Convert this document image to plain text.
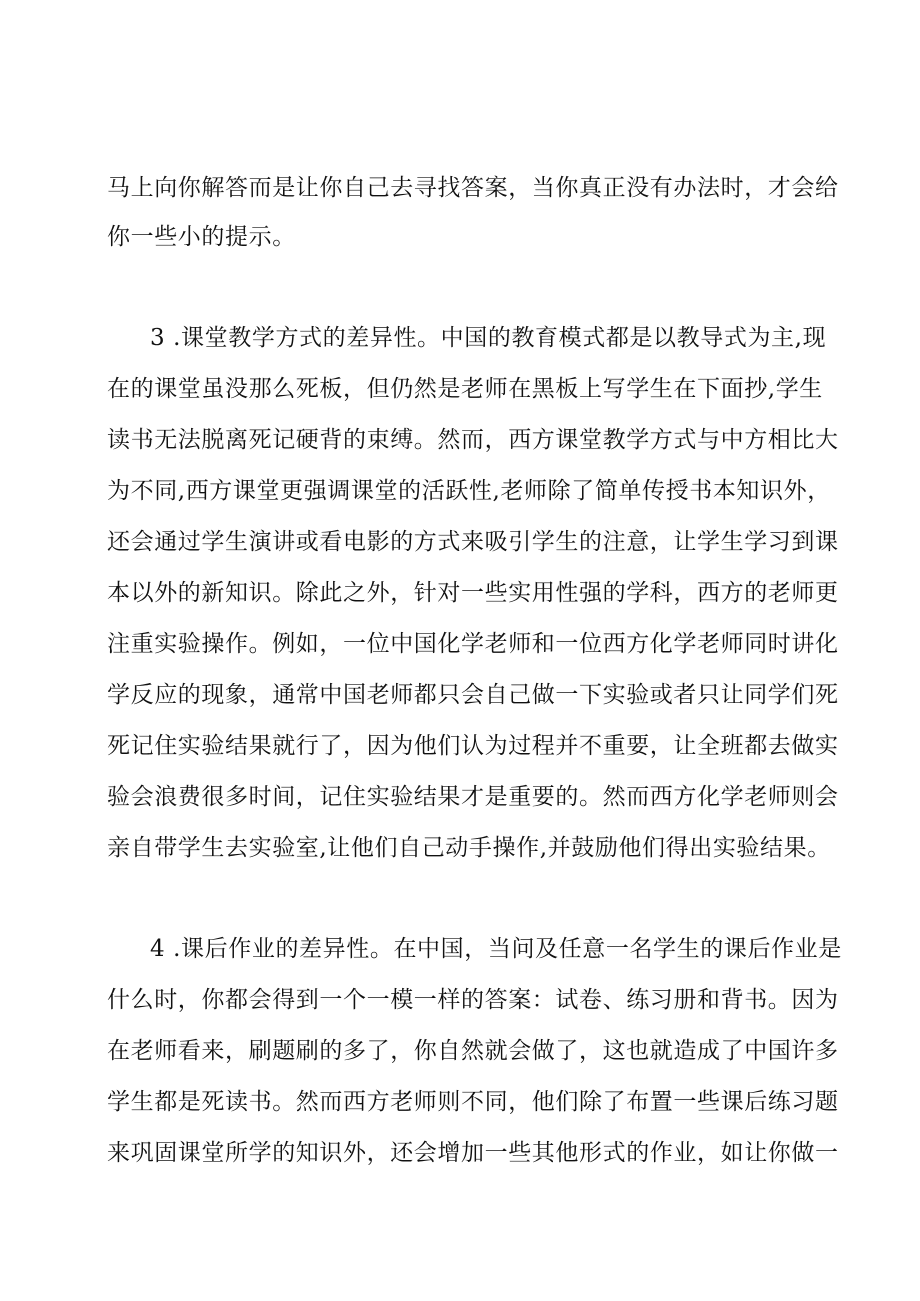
马上向你解答而是让你自己去寻找答案，当你真正没有办法时，才会给
你一些小的提示。
3 .课堂教学方式的差异性。中国的教育模式都是以教导式为主,现
在的课堂虽没那么死板，但仍然是老师在黑板上写学生在下面抄,学生
读书无法脱离死记硬背的束缚。然而，西方课堂教学方式与中方相比大
为不同,西方课堂更强调课堂的活跃性,老师除了简单传授书本知识外，
还会通过学生演讲或看电影的方式来吸引学生的注意，让学生学习到课
本以外的新知识。除此之外，针对一些实用性强的学科，西方的老师更
注重实验操作。例如，一位中国化学老师和一位西方化学老师同时讲化
学反应的现象，通常中国老师都只会自己做一下实验或者只让同学们死
死记住实验结果就行了，因为他们认为过程并不重要，让全班都去做实
验会浪费很多时间，记住实验结果才是重要的。然而西方化学老师则会
亲自带学生去实验室,让他们自己动手操作,并鼓励他们得出实验结果。
4 .课后作业的差异性。在中国，当问及任意一名学生的课后作业是
什么时，你都会得到一个一模一样的答案：试卷、练习册和背书。因为
在老师看来，刷题刷的多了，你自然就会做了，这也就造成了中国许多
学生都是死读书。然而西方老师则不同，他们除了布置一些课后练习题
来巩固课堂所学的知识外，还会增加一些其他形式的作业，如让你做一
